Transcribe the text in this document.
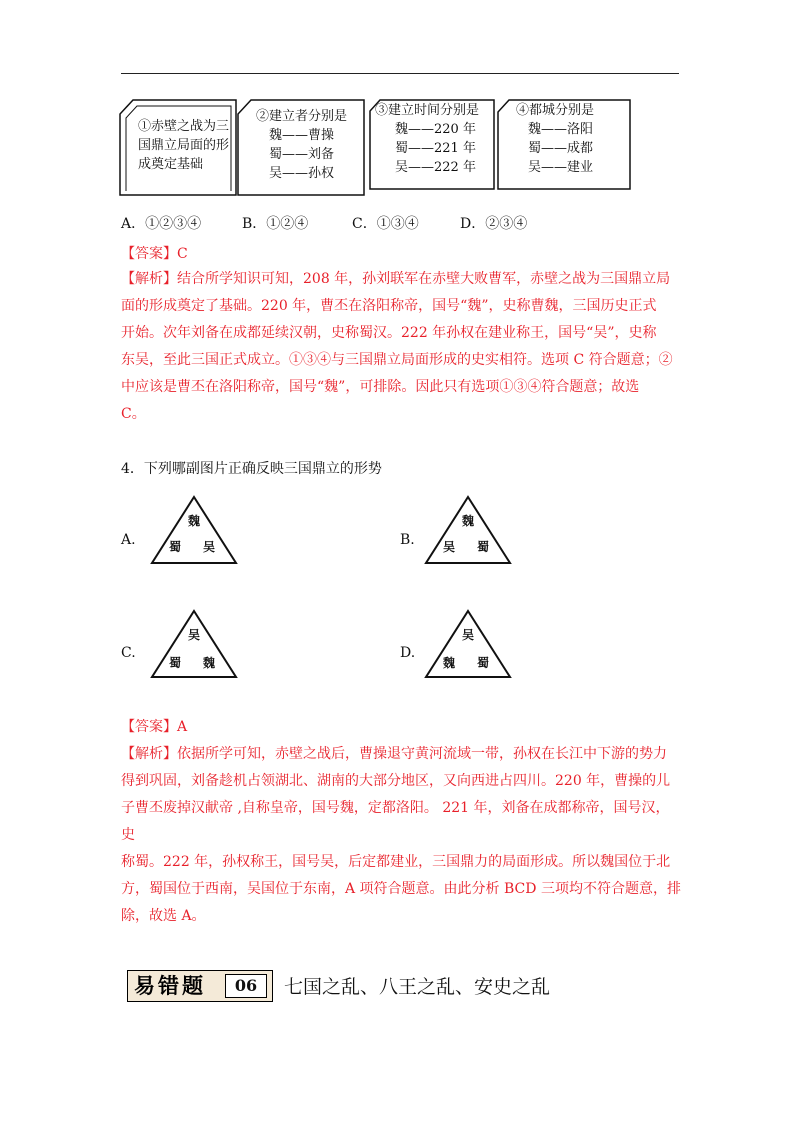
①赤壁之战为三
国鼎立局面的形
成奠定基础
②建立者分别是
魏——曹操
蜀——刘备
吴——孙权
③建立时间分别是
魏——220 年
蜀——221 年
吴——222 年
④都城分别是
魏——洛阳
蜀——成都
吴——建业
A．①②③④	B．①②④	C．①③④	D．②③④
【答案】C
【解析】结合所学知识可知，208 年，孙刘联军在赤壁大败曹军，赤壁之战为三国鼎立局
面的形成奠定了基础。220 年，曹丕在洛阳称帝，国号“魏”，史称曹魏，三国历史正式
开始。次年刘备在成都延续汉朝，史称蜀汉。222 年孙权在建业称王，国号“吴”，史称
东吴，至此三国正式成立。①③④与三国鼎立局面形成的史实相符。选项 C 符合题意；②
中应该是曹丕在洛阳称帝，国号“魏”，可排除。因此只有选项①③④符合题意；故选
C。
4．下列哪副图片正确反映三国鼎立的形势
A.
魏
蜀 吴	B.
魏
吴 蜀
C.
吴
蜀 魏
D.
吴
魏 蜀
【答案】A
【解析】依据所学可知，赤壁之战后，曹操退守黄河流域一带，孙权在长江中下游的势力
得到巩固，刘备趁机占领湖北、湖南的大部分地区，又向西进占四川。220 年，曹操的儿
子曹丕废掉汉献帝 ,自称皇帝，国号魏，定都洛阳。 221 年，刘备在成都称帝，国号汉，史
称蜀。222 年，孙权称王，国号吴，后定都建业，三国鼎力的局面形成。所以魏国位于北
方，蜀国位于西南，吴国位于东南，A 项符合题意。由此分析 BCD 三项均不符合题意，排
除，故选 A。
易错题	06	七国之乱、八王之乱、安史之乱
